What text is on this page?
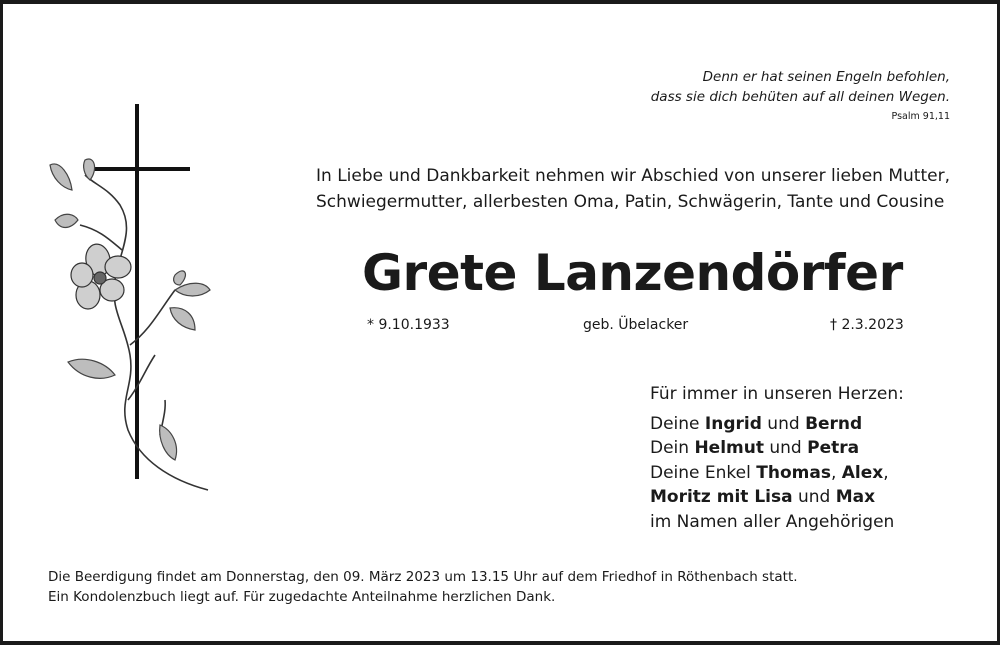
Denn er hat seinen Engeln befohlen,
dass sie dich behüten auf all deinen Wegen.
Psalm 91,11
In Liebe und Dankbarkeit nehmen wir Abschied von unserer lieben Mutter,
Schwiegermutter, allerbesten Oma, Patin, Schwägerin, Tante und Cousine
Grete Lanzendörfer
* 9.10.1933	geb. Übelacker	† 2.3.2023
Für immer in unseren Herzen:
Deine Ingrid und Bernd
Dein Helmut und Petra
Deine Enkel Thomas, Alex,
Moritz mit Lisa und Max
im Namen aller Angehörigen
Die Beerdigung findet am Donnerstag, den 09. März 2023 um 13.15 Uhr auf dem Friedhof in Röthenbach statt.
Ein Kondolenzbuch liegt auf. Für zugedachte Anteilnahme herzlichen Dank.
